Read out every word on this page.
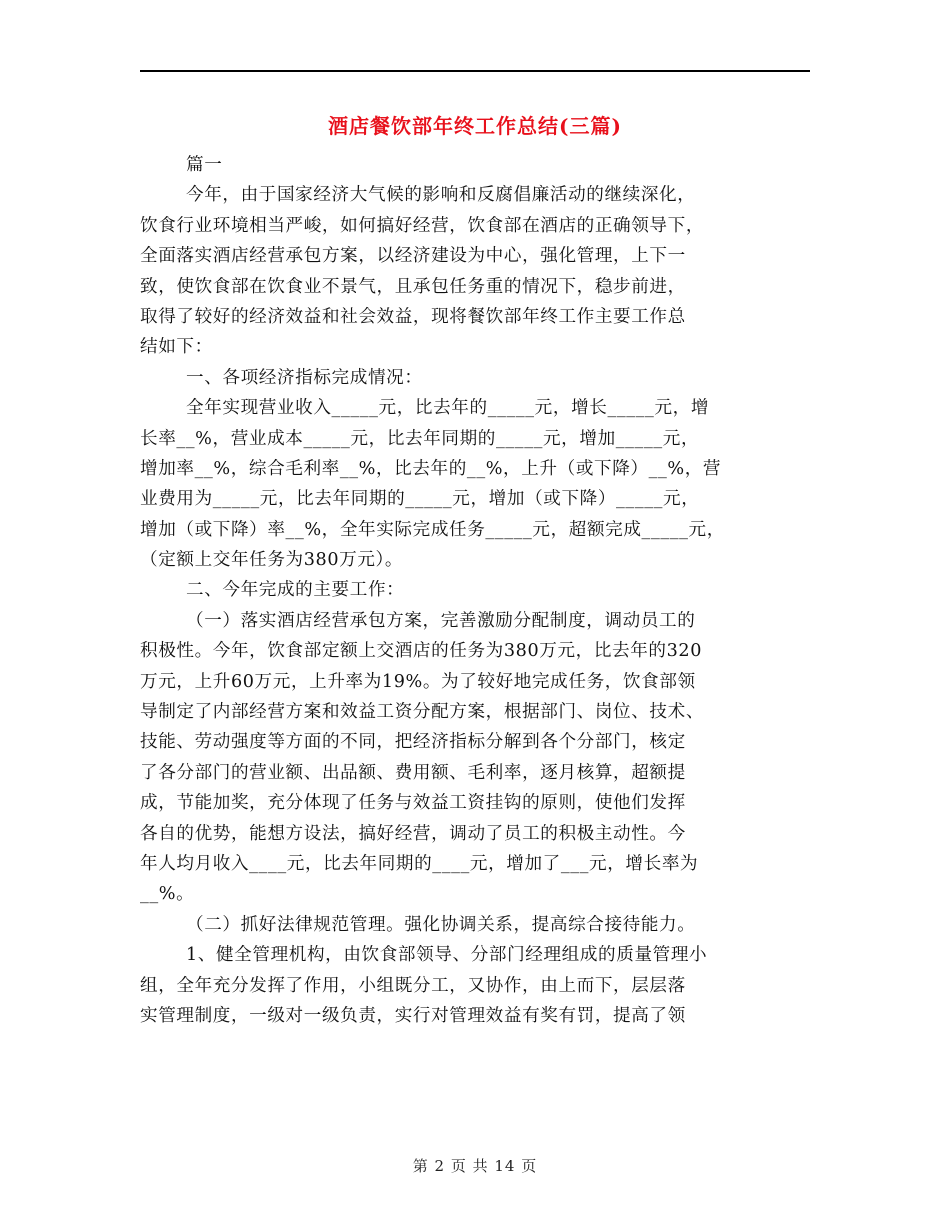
酒店餐饮部年终工作总结(三篇)
篇一
今年，由于国家经济大气候的影响和反腐倡廉活动的继续深化，
饮食行业环境相当严峻，如何搞好经营，饮食部在酒店的正确领导下，
全面落实酒店经营承包方案，以经济建设为中心，强化管理，上下一
致，使饮食部在饮食业不景气，且承包任务重的情况下，稳步前进，
取得了较好的经济效益和社会效益，现将餐饮部年终工作主要工作总
结如下：
一、各项经济指标完成情况：
全年实现营业收入_____元，比去年的_____元，增长_____元，增
长率__%，营业成本_____元，比去年同期的_____元，增加_____元，
增加率__%，综合毛利率__%，比去年的__%，上升（或下降）__%，营
业费用为_____元，比去年同期的_____元，增加（或下降）_____元，
增加（或下降）率__%，全年实际完成任务_____元，超额完成_____元，
（定额上交年任务为380万元）。
二、今年完成的主要工作：
（一）落实酒店经营承包方案，完善激励分配制度，调动员工的
积极性。今年，饮食部定额上交酒店的任务为380万元，比去年的320
万元，上升60万元，上升率为19%。为了较好地完成任务，饮食部领
导制定了内部经营方案和效益工资分配方案，根据部门、岗位、技术、
技能、劳动强度等方面的不同，把经济指标分解到各个分部门，核定
了各分部门的营业额、出品额、费用额、毛利率，逐月核算，超额提
成，节能加奖，充分体现了任务与效益工资挂钩的原则，使他们发挥
各自的优势，能想方设法，搞好经营，调动了员工的积极主动性。今
年人均月收入____元，比去年同期的____元，增加了___元，增长率为
__%。
（二）抓好法律规范管理。强化协调关系，提高综合接待能力。
1、健全管理机构，由饮食部领导、分部门经理组成的质量管理小
组，全年充分发挥了作用，小组既分工，又协作，由上而下，层层落
实管理制度，一级对一级负责，实行对管理效益有奖有罚，提高了领
第 2 页 共 14 页
